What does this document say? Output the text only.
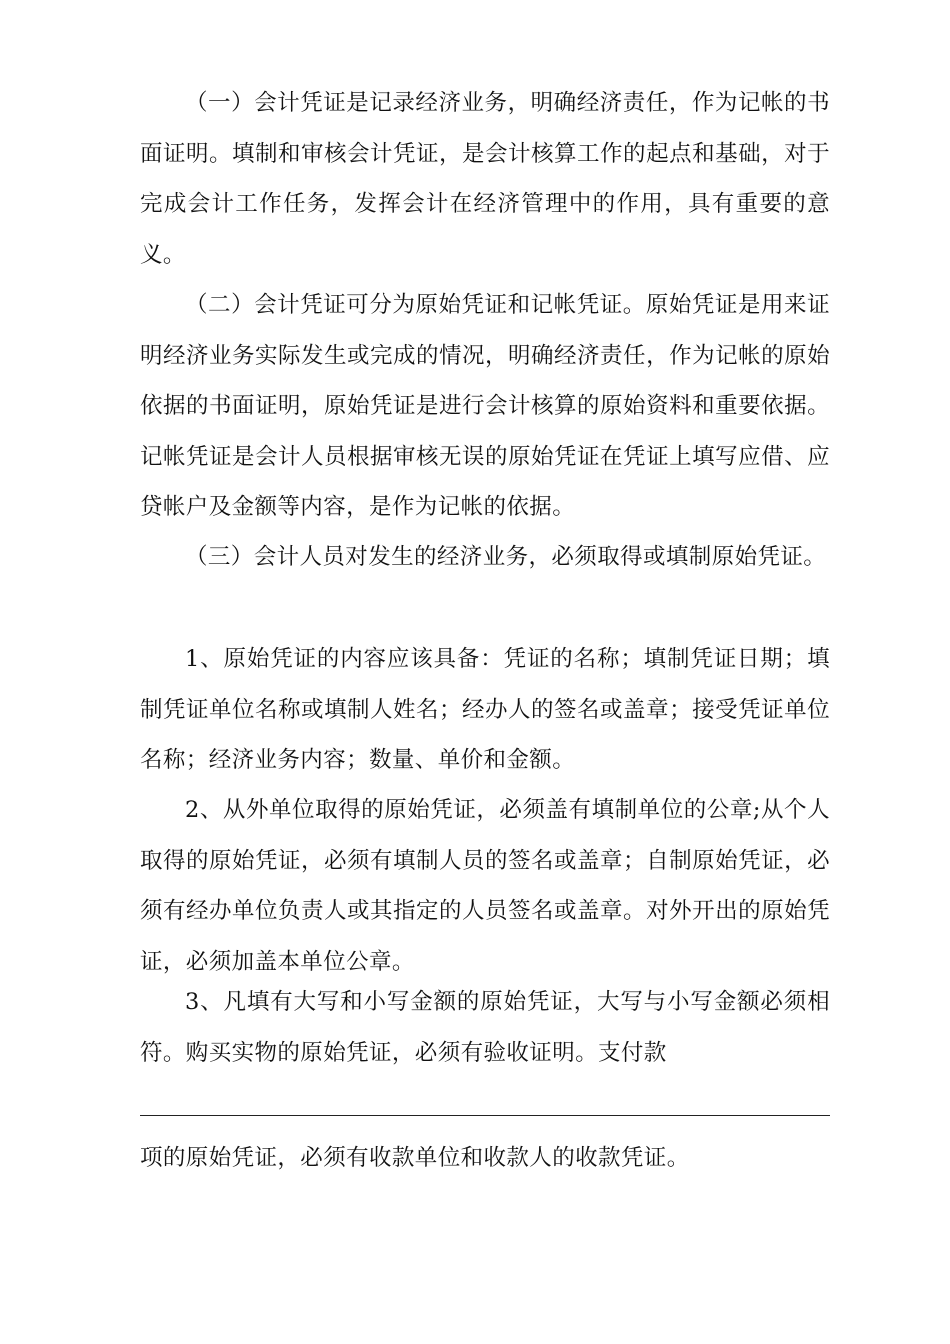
（一）会计凭证是记录经济业务，明确经济责任，作为记帐的书面证明。填制和审核会计凭证，是会计核算工作的起点和基础，对于完成会计工作任务，发挥会计在经济管理中的作用，具有重要的意义。

（二）会计凭证可分为原始凭证和记帐凭证。原始凭证是用来证明经济业务实际发生或完成的情况，明确经济责任，作为记帐的原始依据的书面证明，原始凭证是进行会计核算的原始资料和重要依据。记帐凭证是会计人员根据审核无误的原始凭证在凭证上填写应借、应贷帐户及金额等内容，是作为记帐的依据。

（三）会计人员对发生的经济业务，必须取得或填制原始凭证。

1、原始凭证的内容应该具备：凭证的名称；填制凭证日期；填制凭证单位名称或填制人姓名；经办人的签名或盖章；接受凭证单位名称；经济业务内容；数量、单价和金额。

2、从外单位取得的原始凭证，必须盖有填制单位的公章;从个人取得的原始凭证，必须有填制人员的签名或盖章；自制原始凭证，必须有经办单位负责人或其指定的人员签名或盖章。对外开出的原始凭证，必须加盖本单位公章。

3、凡填有大写和小写金额的原始凭证，大写与小写金额必须相符。购买实物的原始凭证，必须有验收证明。支付款

项的原始凭证，必须有收款单位和收款人的收款凭证。
